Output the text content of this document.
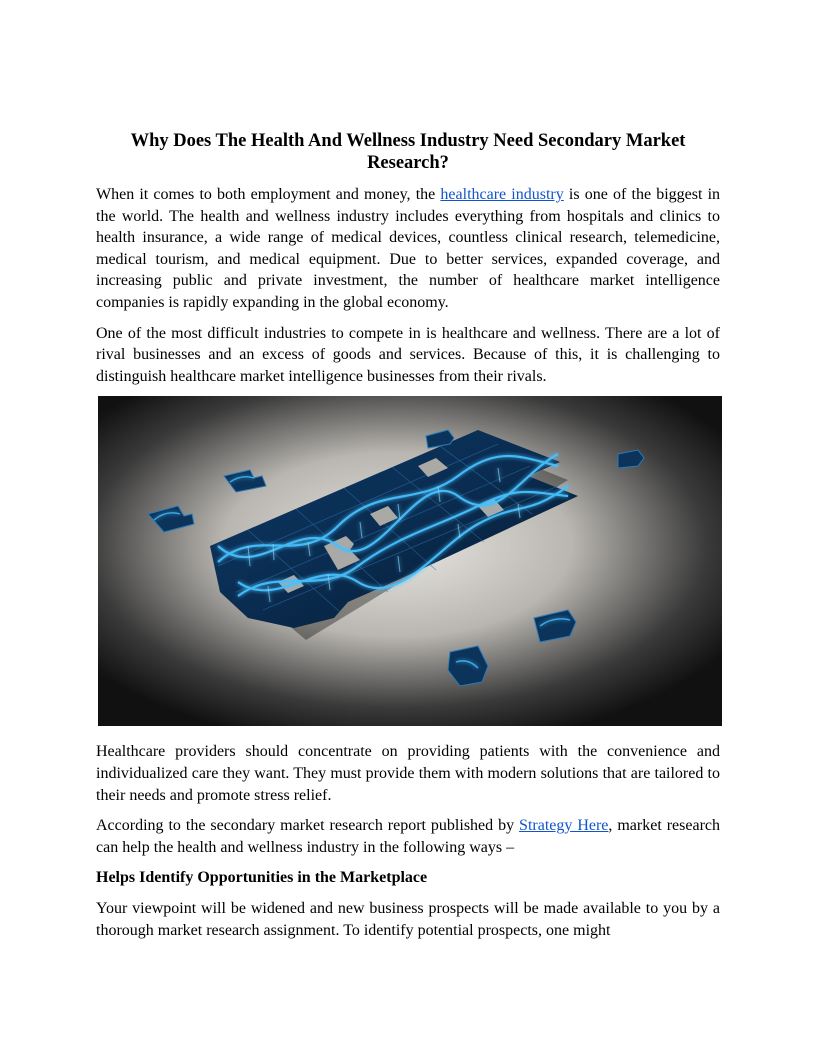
Why Does The Health And Wellness Industry Need Secondary Market Research?

When it comes to both employment and money, the healthcare industry is one of the biggest in the world. The health and wellness industry includes everything from hospitals and clinics to health insurance, a wide range of medical devices, countless clinical research, telemedicine, medical tourism, and medical equipment. Due to better services, expanded coverage, and increasing public and private investment, the number of healthcare market intelligence companies is rapidly expanding in the global economy.

One of the most difficult industries to compete in is healthcare and wellness. There are a lot of rival businesses and an excess of goods and services. Because of this, it is challenging to distinguish healthcare market intelligence businesses from their rivals.

Healthcare providers should concentrate on providing patients with the convenience and individualized care they want. They must provide them with modern solutions that are tailored to their needs and promote stress relief.

According to the secondary market research report published by Strategy Here, market research can help the health and wellness industry in the following ways –

Helps Identify Opportunities in the Marketplace

Your viewpoint will be widened and new business prospects will be made available to you by a thorough market research assignment. To identify potential prospects, one might
